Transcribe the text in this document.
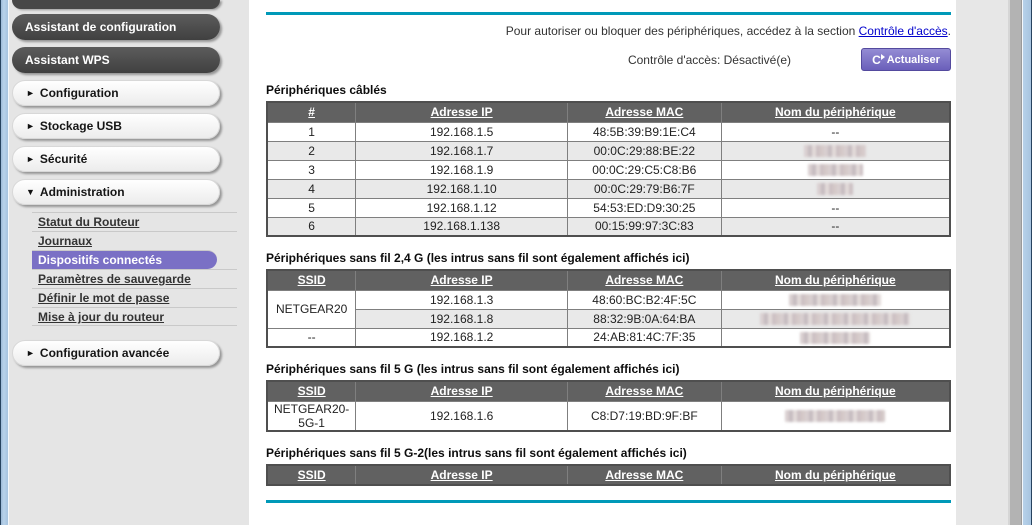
Assistant de configuration
Assistant WPS
► Configuration
► Stockage USB
► Sécurité
▼ Administration
Statut du Routeur
Journaux
Dispositifs connectés
Paramètres de sauvegarde
Définir le mot de passe
Mise à jour du routeur
► Configuration avancée
Pour autoriser ou bloquer des périphériques, accédez à la section Contrôle d'accès.
Contrôle d'accès: Désactivé(e)	C Actualiser
Périphériques câblés
#	Adresse IP	Adresse MAC	Nom du périphérique
1	192.168.1.5	48:5B:39:B9:1E:C4	--
2	192.168.1.7	00:0C:29:88:BE:22	
3	192.168.1.9	00:0C:29:C5:C8:B6	
4	192.168.1.10	00:0C:29:79:B6:7F	
5	192.168.1.12	54:53:ED:D9:30:25	--
6	192.168.1.138	00:15:99:97:3C:83	--
Périphériques sans fil 2,4 G (les intrus sans fil sont également affichés ici)
SSID	Adresse IP	Adresse MAC	Nom du périphérique
NETGEAR20	192.168.1.3	48:60:BC:B2:4F:5C	
	192.168.1.8	88:32:9B:0A:64:BA	
--	192.168.1.2	24:AB:81:4C:7F:35	
Périphériques sans fil 5 G (les intrus sans fil sont également affichés ici)
SSID	Adresse IP	Adresse MAC	Nom du périphérique
NETGEAR20-5G-1	192.168.1.6	C8:D7:19:BD:9F:BF	
Périphériques sans fil 5 G-2(les intrus sans fil sont également affichés ici)
SSID	Adresse IP	Adresse MAC	Nom du périphérique
